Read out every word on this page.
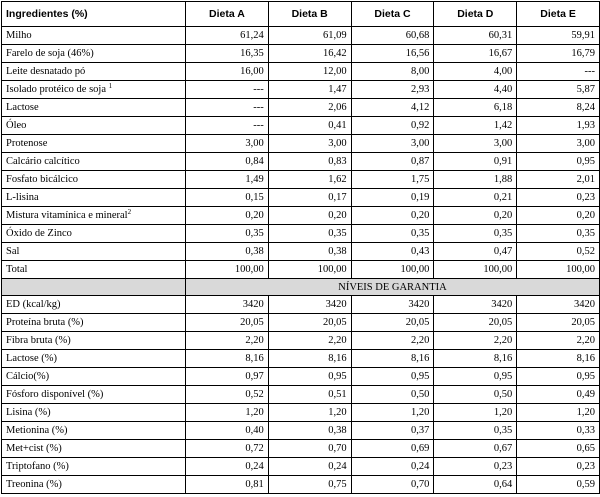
Ingredientes (%)	Dieta A	Dieta B	Dieta C	Dieta D	Dieta E
Milho	61,24	61,09	60,68	60,31	59,91
Farelo de soja (46%)	16,35	16,42	16,56	16,67	16,79
Leite desnatado pó	16,00	12,00	8,00	4,00	---
Isolado protéico de soja $^1$	---	1,47	2,93	4,40	5,87
Lactose	---	2,06	4,12	6,18	8,24
Óleo	---	0,41	0,92	1,42	1,93
Protenose	3,00	3,00	3,00	3,00	3,00
Calcário calcítico	0,84	0,83	0,87	0,91	0,95
Fosfato bicálcico	1,49	1,62	1,75	1,88	2,01
L-lisina	0,15	0,17	0,19	0,21	0,23
Mistura vitamínica e mineral$^2$	0,20	0,20	0,20	0,20	0,20
Óxido de Zinco	0,35	0,35	0,35	0,35	0,35
Sal	0,38	0,38	0,43	0,47	0,52
Total	100,00	100,00	100,00	100,00	100,00
	NÍVEIS DE GARANTIA				
ED (kcal/kg)	3420	3420	3420	3420	3420
Proteína bruta (%)	20,05	20,05	20,05	20,05	20,05
Fibra bruta (%)	2,20	2,20	2,20	2,20	2,20
Lactose (%)	8,16	8,16	8,16	8,16	8,16
Cálcio(%)	0,97	0,95	0,95	0,95	0,95
Fósforo disponível (%)	0,52	0,51	0,50	0,50	0,49
Lisina (%)	1,20	1,20	1,20	1,20	1,20
Metionina (%)	0,40	0,38	0,37	0,35	0,33
Met+cist (%)	0,72	0,70	0,69	0,67	0,65
Triptofano (%)	0,24	0,24	0,24	0,23	0,23
Treonina (%)	0,81	0,75	0,70	0,64	0,59
